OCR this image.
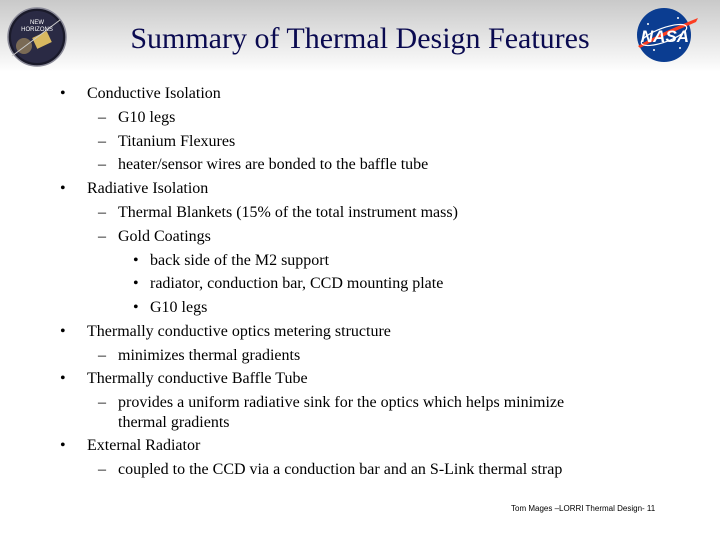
NEW
HORIZONS	Summary of Thermal Design Features	NASA
• Conductive Isolation
– G10 legs
– Titanium Flexures
– heater/sensor wires are bonded to the baffle tube
• Radiative Isolation
– Thermal Blankets (15% of the total instrument mass)
– Gold Coatings
• back side of the M2 support
• radiator, conduction bar, CCD mounting plate
• G10 legs
• Thermally conductive optics metering structure
– minimizes thermal gradients
• Thermally conductive Baffle Tube
– provides a uniform radiative sink for the optics which helps minimize
thermal gradients
• External Radiator
– coupled to the CCD via a conduction bar and an S-Link thermal strap
Tom Mages –LORRI Thermal Design- 11
